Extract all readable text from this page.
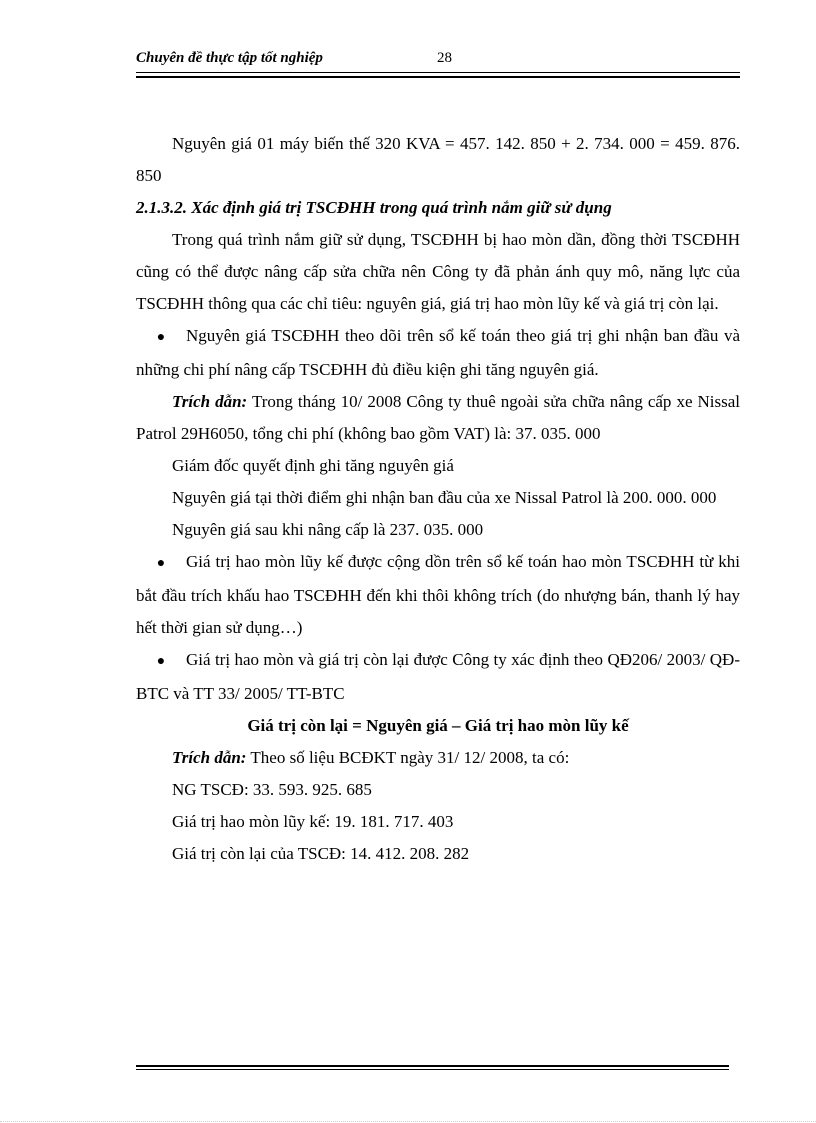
Chuyên đề thực tập tốt nghiệp	28

Nguyên giá 01 máy biến thế 320 KVA = 457. 142. 850 + 2. 734. 000 = 459. 876. 850

2.1.3.2. Xác định giá trị TSCĐHH trong quá trình nắm giữ sử dụng

Trong quá trình nắm giữ sử dụng, TSCĐHH bị hao mòn dần, đồng thời TSCĐHH cũng có thể được nâng cấp sửa chữa nên Công ty đã phản ánh quy mô, năng lực của TSCĐHH thông qua các chỉ tiêu: nguyên giá, giá trị hao mòn lũy kế và giá trị còn lại.

● Nguyên giá TSCĐHH theo dõi trên sổ kế toán theo giá trị ghi nhận ban đầu và những chi phí nâng cấp TSCĐHH đủ điều kiện ghi tăng nguyên giá.

Trích dẫn: Trong tháng 10/ 2008 Công ty thuê ngoài sửa chữa nâng cấp xe Nissal Patrol 29H6050, tổng chi phí (không bao gồm VAT) là: 37. 035. 000

Giám đốc quyết định ghi tăng nguyên giá

Nguyên giá tại thời điểm ghi nhận ban đầu của xe Nissal Patrol là 200. 000. 000

Nguyên giá sau khi nâng cấp là 237. 035. 000

● Giá trị hao mòn lũy kế được cộng dồn trên sổ kế toán hao mòn TSCĐHH từ khi bắt đầu trích khấu hao TSCĐHH đến khi thôi không trích (do nhượng bán, thanh lý hay hết thời gian sử dụng…)

● Giá trị hao mòn và giá trị còn lại được Công ty xác định theo QĐ206/ 2003/ QĐ-BTC và TT 33/ 2005/ TT-BTC

Giá trị còn lại = Nguyên giá – Giá trị hao mòn lũy kế

Trích dẫn: Theo số liệu BCĐKT ngày 31/ 12/ 2008, ta có:

NG TSCĐ: 33. 593. 925. 685

Giá trị hao mòn lũy kế: 19. 181. 717. 403

Giá trị còn lại của TSCĐ: 14. 412. 208. 282
